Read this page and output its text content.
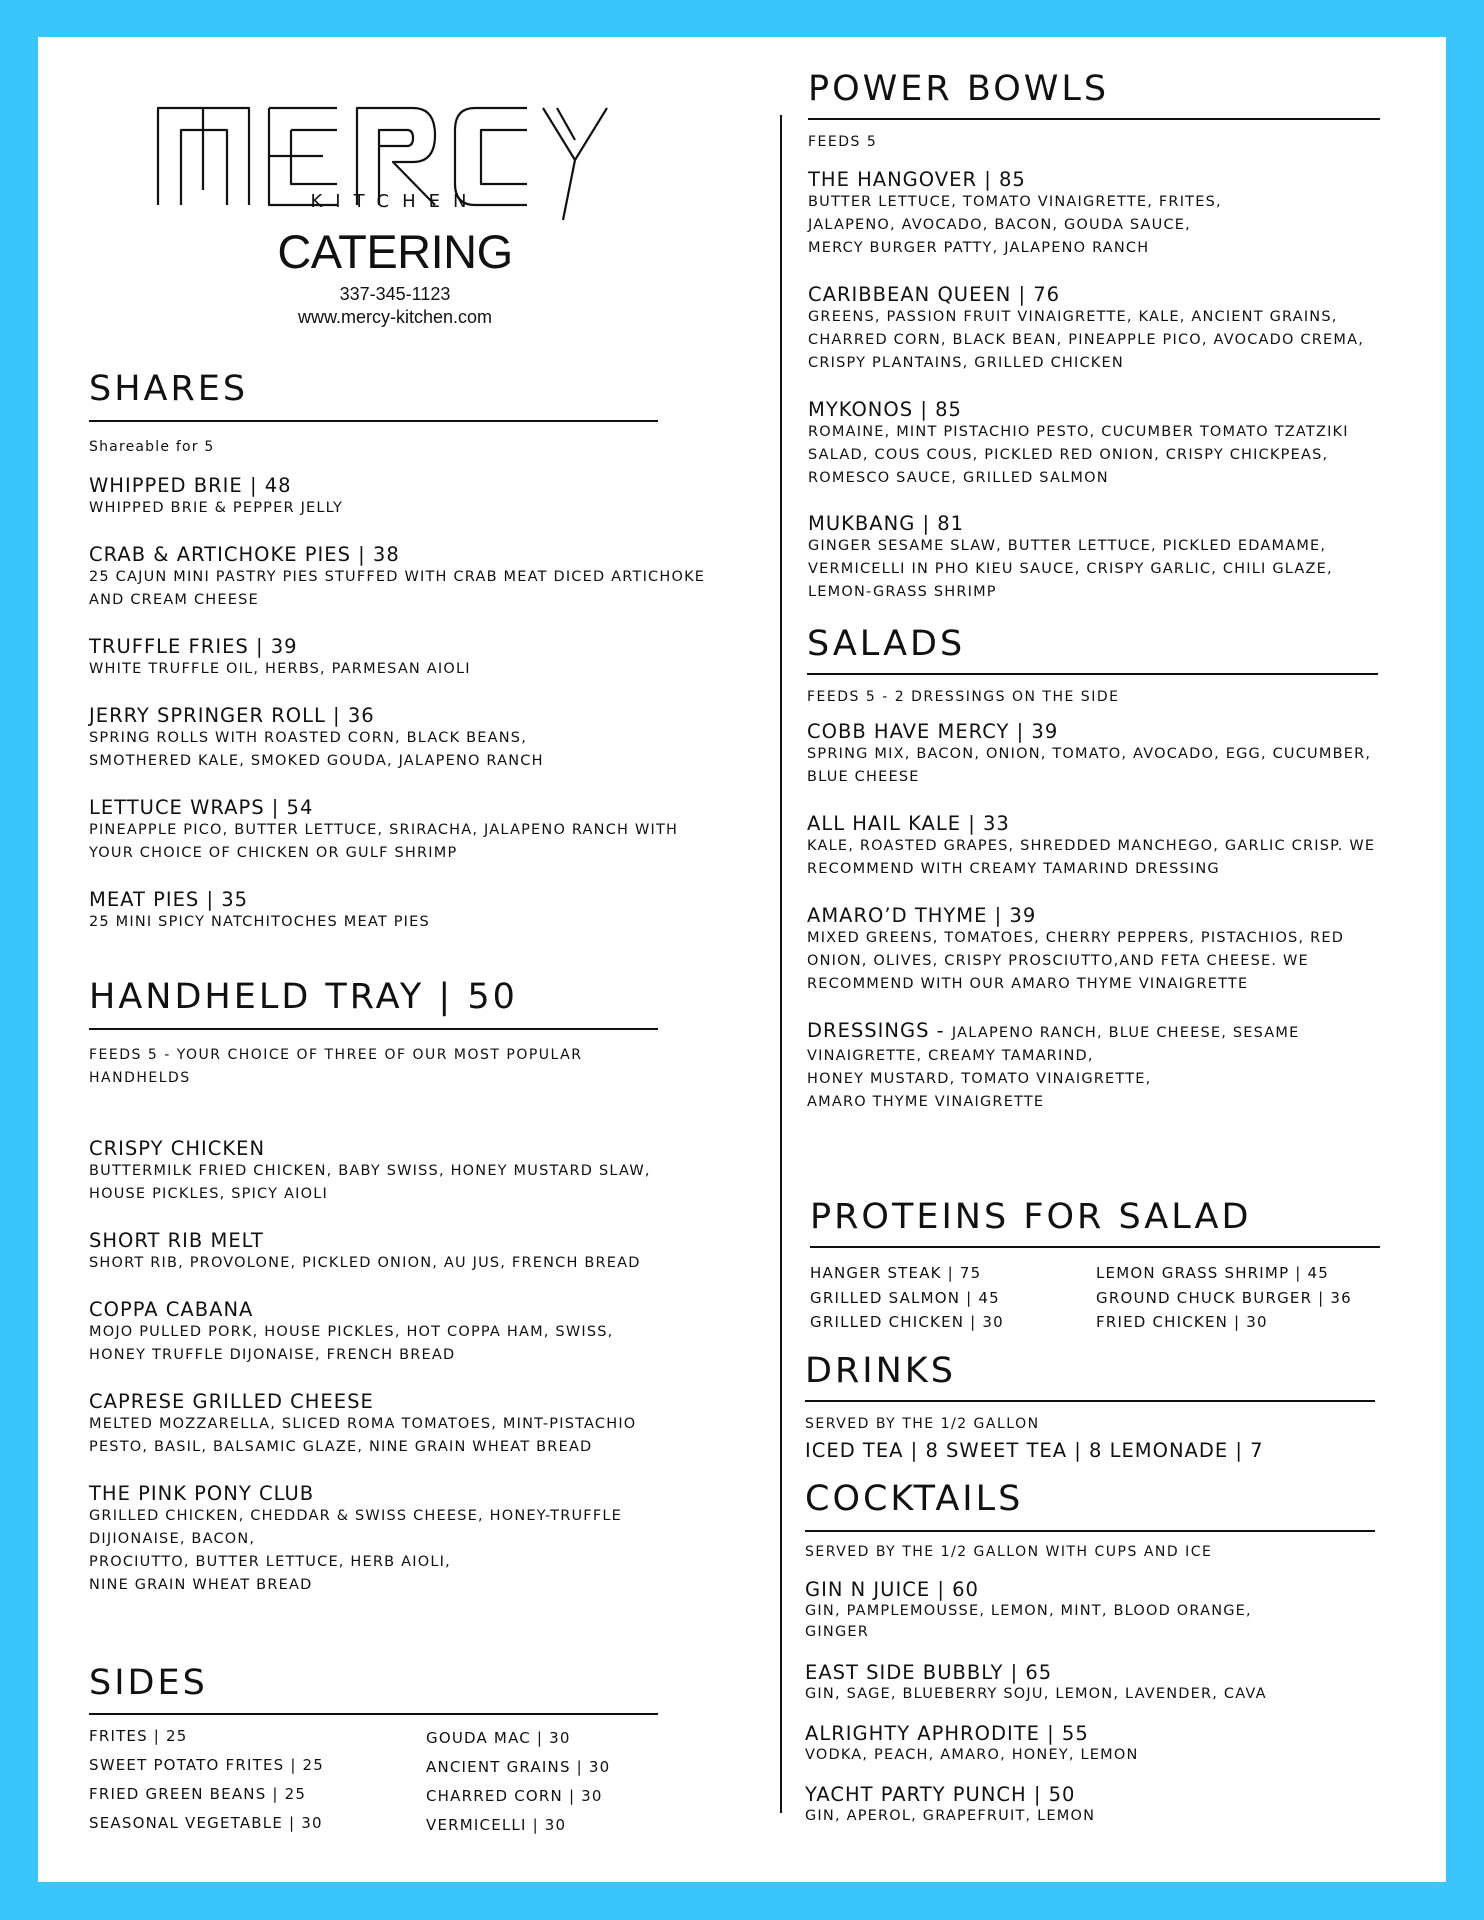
KITCHEN
CATERING
337-345-1123
www.mercy-kitchen.com
SHARES
Shareable for 5
WHIPPED BRIE | 48
WHIPPED BRIE & PEPPER JELLY
CRAB & ARTICHOKE PIES | 38
25 CAJUN MINI PASTRY PIES STUFFED WITH CRAB MEAT DICED ARTICHOKE
AND CREAM CHEESE
TRUFFLE FRIES | 39
WHITE TRUFFLE OIL, HERBS, PARMESAN AIOLI
JERRY SPRINGER ROLL | 36
SPRING ROLLS WITH ROASTED CORN, BLACK BEANS,
SMOTHERED KALE, SMOKED GOUDA, JALAPENO RANCH
LETTUCE WRAPS | 54
PINEAPPLE PICO, BUTTER LETTUCE, SRIRACHA, JALAPENO RANCH WITH
YOUR CHOICE OF CHICKEN OR GULF SHRIMP
MEAT PIES | 35
25 MINI SPICY NATCHITOCHES MEAT PIES
HANDHELD TRAY | 50
FEEDS 5 - YOUR CHOICE OF THREE OF OUR MOST POPULAR
HANDHELDS
CRISPY CHICKEN
BUTTERMILK FRIED CHICKEN, BABY SWISS, HONEY MUSTARD SLAW,
HOUSE PICKLES, SPICY AIOLI
SHORT RIB MELT
SHORT RIB, PROVOLONE, PICKLED ONION, AU JUS, FRENCH BREAD
COPPA CABANA
MOJO PULLED PORK, HOUSE PICKLES, HOT COPPA HAM, SWISS,
HONEY TRUFFLE DIJONAISE, FRENCH BREAD
CAPRESE GRILLED CHEESE
MELTED MOZZARELLA, SLICED ROMA TOMATOES, MINT-PISTACHIO
PESTO, BASIL, BALSAMIC GLAZE, NINE GRAIN WHEAT BREAD
THE PINK PONY CLUB
GRILLED CHICKEN, CHEDDAR & SWISS CHEESE, HONEY-TRUFFLE
DIJIONAISE, BACON,
PROCIUTTO, BUTTER LETTUCE, HERB AIOLI,
NINE GRAIN WHEAT BREAD
SIDES
FRITES | 25
SWEET POTATO FRITES | 25
FRIED GREEN BEANS | 25
SEASONAL VEGETABLE | 30
GOUDA MAC | 30
ANCIENT GRAINS | 30
CHARRED CORN | 30
VERMICELLI | 30
POWER BOWLS
FEEDS 5
THE HANGOVER | 85
BUTTER LETTUCE, TOMATO VINAIGRETTE, FRITES,
JALAPENO, AVOCADO, BACON, GOUDA SAUCE,
MERCY BURGER PATTY, JALAPENO RANCH
CARIBBEAN QUEEN | 76
GREENS, PASSION FRUIT VINAIGRETTE, KALE, ANCIENT GRAINS,
CHARRED CORN, BLACK BEAN, PINEAPPLE PICO, AVOCADO CREMA,
CRISPY PLANTAINS, GRILLED CHICKEN
MYKONOS | 85
ROMAINE, MINT PISTACHIO PESTO, CUCUMBER TOMATO TZATZIKI
SALAD, COUS COUS, PICKLED RED ONION, CRISPY CHICKPEAS,
ROMESCO SAUCE, GRILLED SALMON
MUKBANG | 81
GINGER SESAME SLAW, BUTTER LETTUCE, PICKLED EDAMAME,
VERMICELLI IN PHO KIEU SAUCE, CRISPY GARLIC, CHILI GLAZE,
LEMON-GRASS SHRIMP
SALADS
FEEDS 5 - 2 DRESSINGS ON THE SIDE
COBB HAVE MERCY | 39
SPRING MIX, BACON, ONION, TOMATO, AVOCADO, EGG, CUCUMBER,
BLUE CHEESE
ALL HAIL KALE | 33
KALE, ROASTED GRAPES, SHREDDED MANCHEGO, GARLIC CRISP. WE
RECOMMEND WITH CREAMY TAMARIND DRESSING
AMARO’D THYME | 39
MIXED GREENS, TOMATOES, CHERRY PEPPERS, PISTACHIOS, RED
ONION, OLIVES, CRISPY PROSCIUTTO,AND FETA CHEESE. WE
RECOMMEND WITH OUR AMARO THYME VINAIGRETTE
DRESSINGS - JALAPENO RANCH, BLUE CHEESE, SESAME
VINAIGRETTE, CREAMY TAMARIND,
HONEY MUSTARD, TOMATO VINAIGRETTE,
AMARO THYME VINAIGRETTE
PROTEINS FOR SALAD
HANGER STEAK | 75
GRILLED SALMON | 45
GRILLED CHICKEN | 30
LEMON GRASS SHRIMP | 45
GROUND CHUCK BURGER | 36
FRIED CHICKEN | 30
DRINKS
SERVED BY THE 1/2 GALLON
ICED TEA | 8 SWEET TEA | 8 LEMONADE | 7
COCKTAILS
SERVED BY THE 1/2 GALLON WITH CUPS AND ICE
GIN N JUICE | 60
GIN, PAMPLEMOUSSE, LEMON, MINT, BLOOD ORANGE,
GINGER
EAST SIDE BUBBLY | 65
GIN, SAGE, BLUEBERRY SOJU, LEMON, LAVENDER, CAVA
ALRIGHTY APHRODITE | 55
VODKA, PEACH, AMARO, HONEY, LEMON
YACHT PARTY PUNCH | 50
GIN, APEROL, GRAPEFRUIT, LEMON
